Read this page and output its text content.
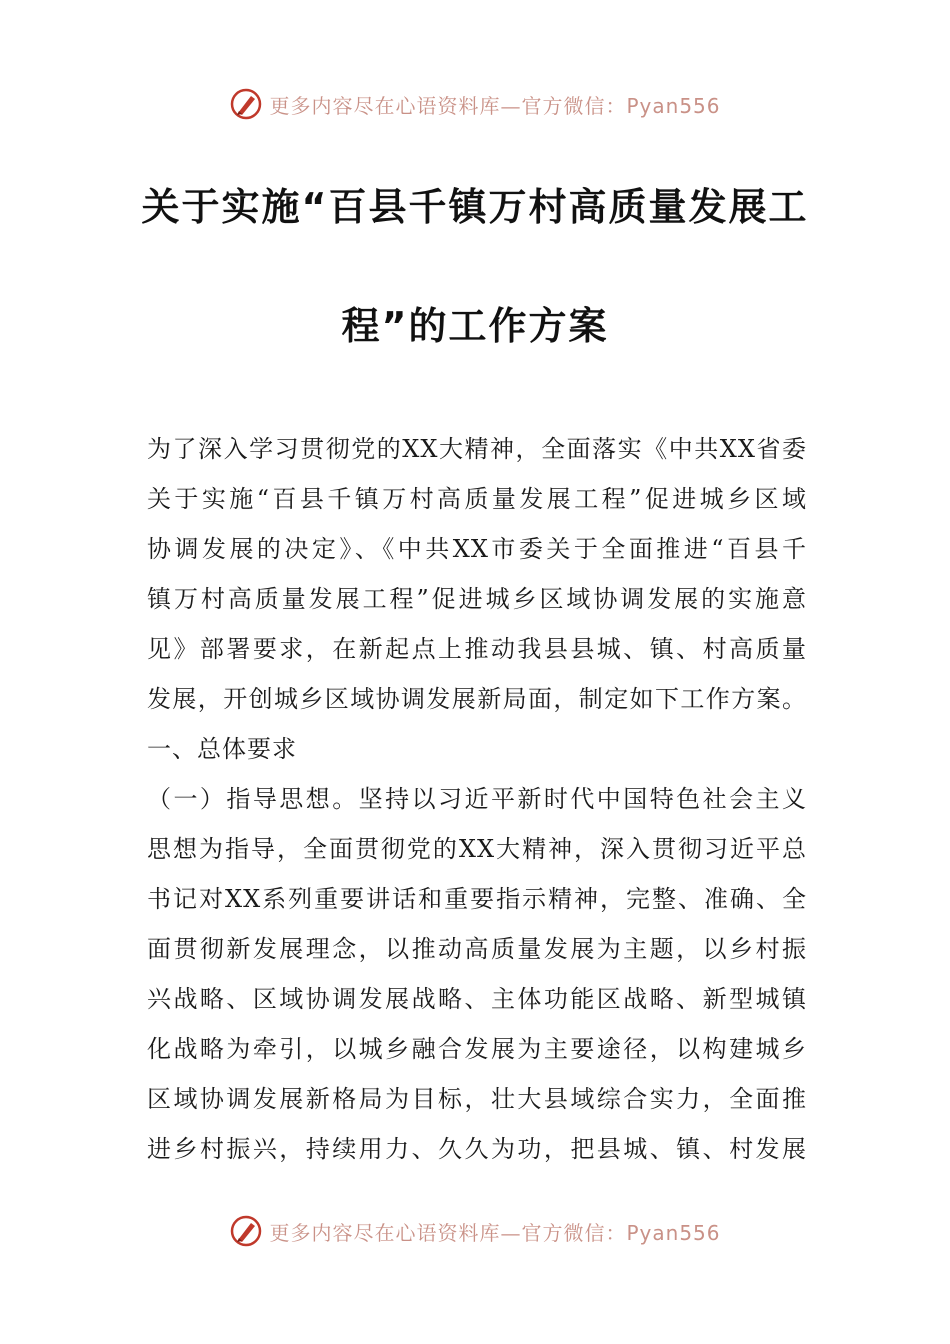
更多内容尽在心语资料库—官方微信：Pyan556
关于实施“百县千镇万村高质量发展工
程”的工作方案
为了深入学习贯彻党的XX大精神，全面落实《中共XX省委
关于实施“百县千镇万村高质量发展工程”促进城乡区域
协调发展的决定》、《中共XX市委关于全面推进“百县千
镇万村高质量发展工程”促进城乡区域协调发展的实施意
见》部署要求，在新起点上推动我县县城、镇、村高质量
发展，开创城乡区域协调发展新局面，制定如下工作方案。
一、总体要求
（一）指导思想。坚持以习近平新时代中国特色社会主义
思想为指导，全面贯彻党的XX大精神，深入贯彻习近平总
书记对XX系列重要讲话和重要指示精神，完整、准确、全
面贯彻新发展理念，以推动高质量发展为主题，以乡村振
兴战略、区域协调发展战略、主体功能区战略、新型城镇
化战略为牵引，以城乡融合发展为主要途径，以构建城乡
区域协调发展新格局为目标，壮大县域综合实力，全面推
进乡村振兴，持续用力、久久为功，把县城、镇、村发展
更多内容尽在心语资料库—官方微信：Pyan556
